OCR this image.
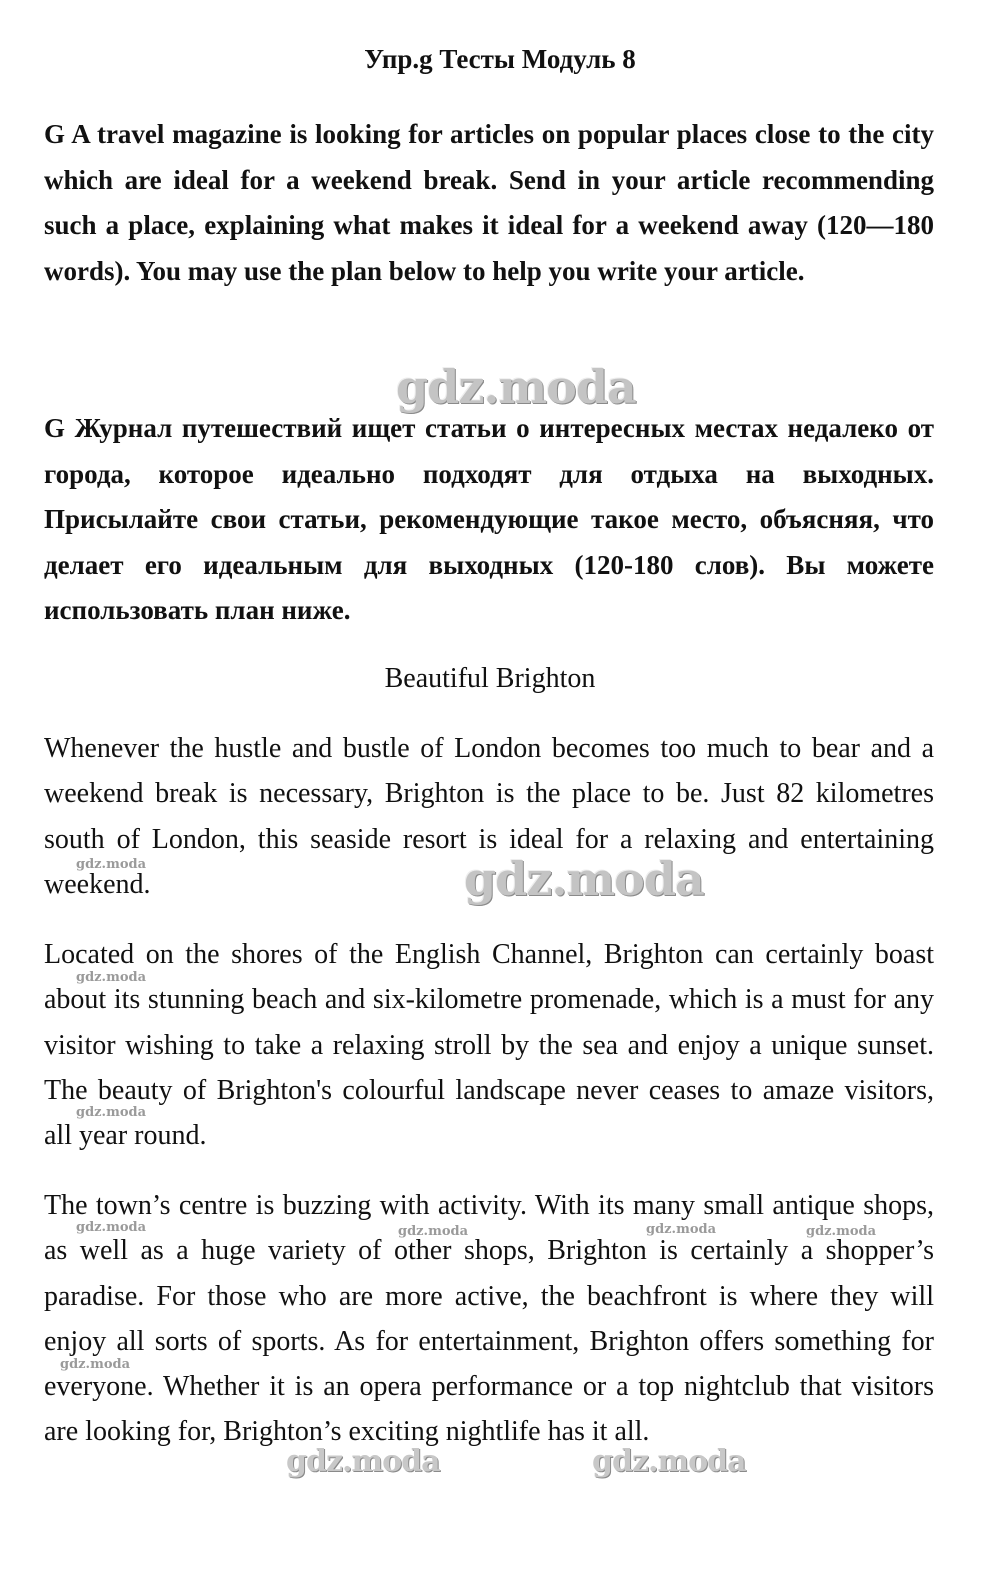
Упр.g Тесты Модуль 8

G A travel magazine is looking for articles on popular places close to the city which are ideal for a weekend break. Send in your article recommending such a place, explaining what makes it ideal for a weekend away (120—180 words). You may use the plan below to help you write your article.

G Журнал путешествий ищет статьи о интересных местах недалеко от города, которое идеально подходят для отдыха на выходных. Присылайте свои статьи, рекомендующие такое место, объясняя, что делает его идеальным для выходных (120-180 слов). Вы можете использовать план ниже.

Beautiful Brighton

Whenever the hustle and bustle of London becomes too much to bear and a weekend break is necessary, Brighton is the place to be. Just 82 kilometres south of London, this seaside resort is ideal for a relaxing and entertaining weekend.

Located on the shores of the English Channel, Brighton can certainly boast about its stunning beach and six-kilometre promenade, which is a must for any visitor wishing to take a relaxing stroll by the sea and enjoy a unique sunset. The beauty of Brighton's colourful landscape never ceases to amaze visitors, all year round.

The town’s centre is buzzing with activity. With its many small antique shops, as well as a huge variety of other shops, Brighton is certainly a shopper’s paradise. For those who are more active, the beachfront is where they will enjoy all sorts of sports. As for entertainment, Brighton offers something for everyone. Whether it is an opera performance or a top nightclub that visitors are looking for, Brighton’s exciting nightlife has it all.

gdz.moda
gdz.moda
gdz.moda
gdz.moda
gdz.moda
gdz.moda	gdz.moda	gdz.moda	gdz.moda
gdz.moda
gdz.moda	gdz.moda
